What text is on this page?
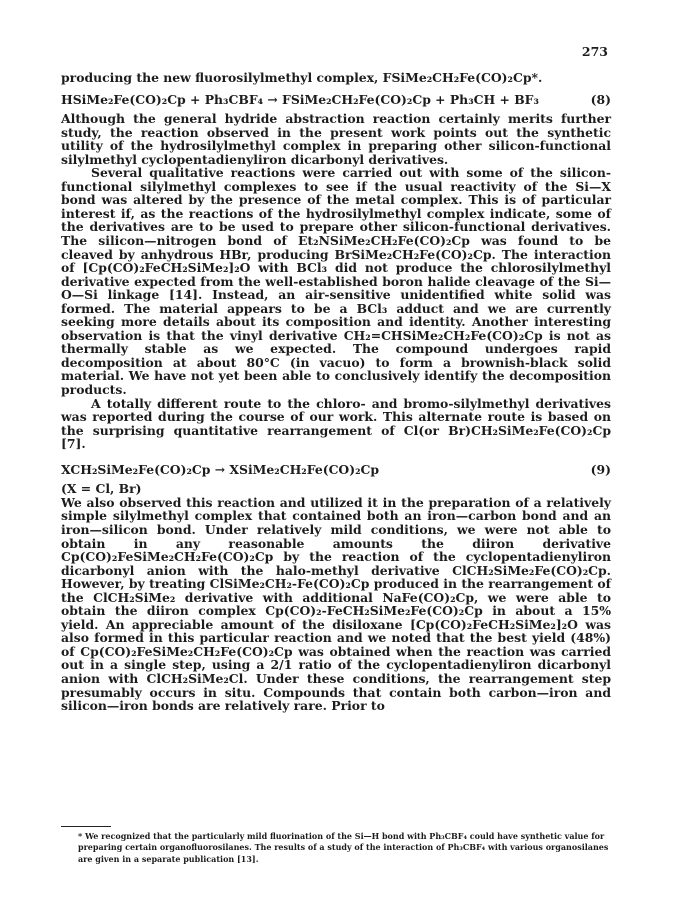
273

producing the new fluorosilylmethyl complex, FSiMe₂CH₂Fe(CO)₂Cp*.

HSiMe₂Fe(CO)₂Cp + Ph₃CBF₄ → FSiMe₂CH₂Fe(CO)₂Cp + Ph₃CH + BF₃	(8)

Although the general hydride abstraction reaction certainly merits further study, the reaction observed in the present work points out the synthetic utility of the hydrosilylmethyl complex in preparing other silicon-functional silylmethyl cyclopentadienyliron dicarbonyl derivatives.

Several qualitative reactions were carried out with some of the silicon-functional silylmethyl complexes to see if the usual reactivity of the Si—X bond was altered by the presence of the metal complex. This is of particular interest if, as the reactions of the hydrosilylmethyl complex indicate, some of the derivatives are to be used to prepare other silicon-functional derivatives. The silicon—nitrogen bond of Et₂NSiMe₂CH₂Fe(CO)₂Cp was found to be cleaved by anhydrous HBr, producing BrSiMe₂CH₂Fe(CO)₂Cp. The interaction of [Cp(CO)₂FeCH₂SiMe₂]₂O with BCl₃ did not produce the chlorosilylmethyl derivative expected from the well-established boron halide cleavage of the Si—O—Si linkage [14]. Instead, an air-sensitive unidentified white solid was formed. The material appears to be a BCl₃ adduct and we are currently seeking more details about its composition and identity. Another interesting observation is that the vinyl derivative CH₂=CHSiMe₂CH₂Fe(CO)₂Cp is not as thermally stable as we expected. The compound undergoes rapid decomposition at about 80°C (in vacuo) to form a brownish-black solid material. We have not yet been able to conclusively identify the decomposition products.

A totally different route to the chloro- and bromo-silylmethyl derivatives was reported during the course of our work. This alternate route is based on the surprising quantitative rearrangement of Cl(or Br)CH₂SiMe₂Fe(CO)₂Cp [7].

XCH₂SiMe₂Fe(CO)₂Cp → XSiMe₂CH₂Fe(CO)₂Cp	(9)

(X = Cl, Br)

We also observed this reaction and utilized it in the preparation of a relatively simple silylmethyl complex that contained both an iron—carbon bond and an iron—silicon bond. Under relatively mild conditions, we were not able to obtain in any reasonable amounts the diiron derivative Cp(CO)₂FeSiMe₂CH₂Fe(CO)₂Cp by the reaction of the cyclopentadienyliron dicarbonyl anion with the halo-methyl derivative ClCH₂SiMe₂Fe(CO)₂Cp. However, by treating ClSiMe₂CH₂-Fe(CO)₂Cp produced in the rearrangement of the ClCH₂SiMe₂ derivative with additional NaFe(CO)₂Cp, we were able to obtain the diiron complex Cp(CO)₂-FeCH₂SiMe₂Fe(CO)₂Cp in about a 15% yield. An appreciable amount of the disiloxane [Cp(CO)₂FeCH₂SiMe₂]₂O was also formed in this particular reaction and we noted that the best yield (48%) of Cp(CO)₂FeSiMe₂CH₂Fe(CO)₂Cp was obtained when the reaction was carried out in a single step, using a 2/1 ratio of the cyclopentadienyliron dicarbonyl anion with ClCH₂SiMe₂Cl. Under these conditions, the rearrangement step presumably occurs in situ. Compounds that contain both carbon—iron and silicon—iron bonds are relatively rare. Prior to

* We recognized that the particularly mild fluorination of the Si—H bond with Ph₃CBF₄ could have synthetic value for preparing certain organofluorosilanes. The results of a study of the interaction of Ph₃CBF₄ with various organosilanes are given in a separate publication [13].
